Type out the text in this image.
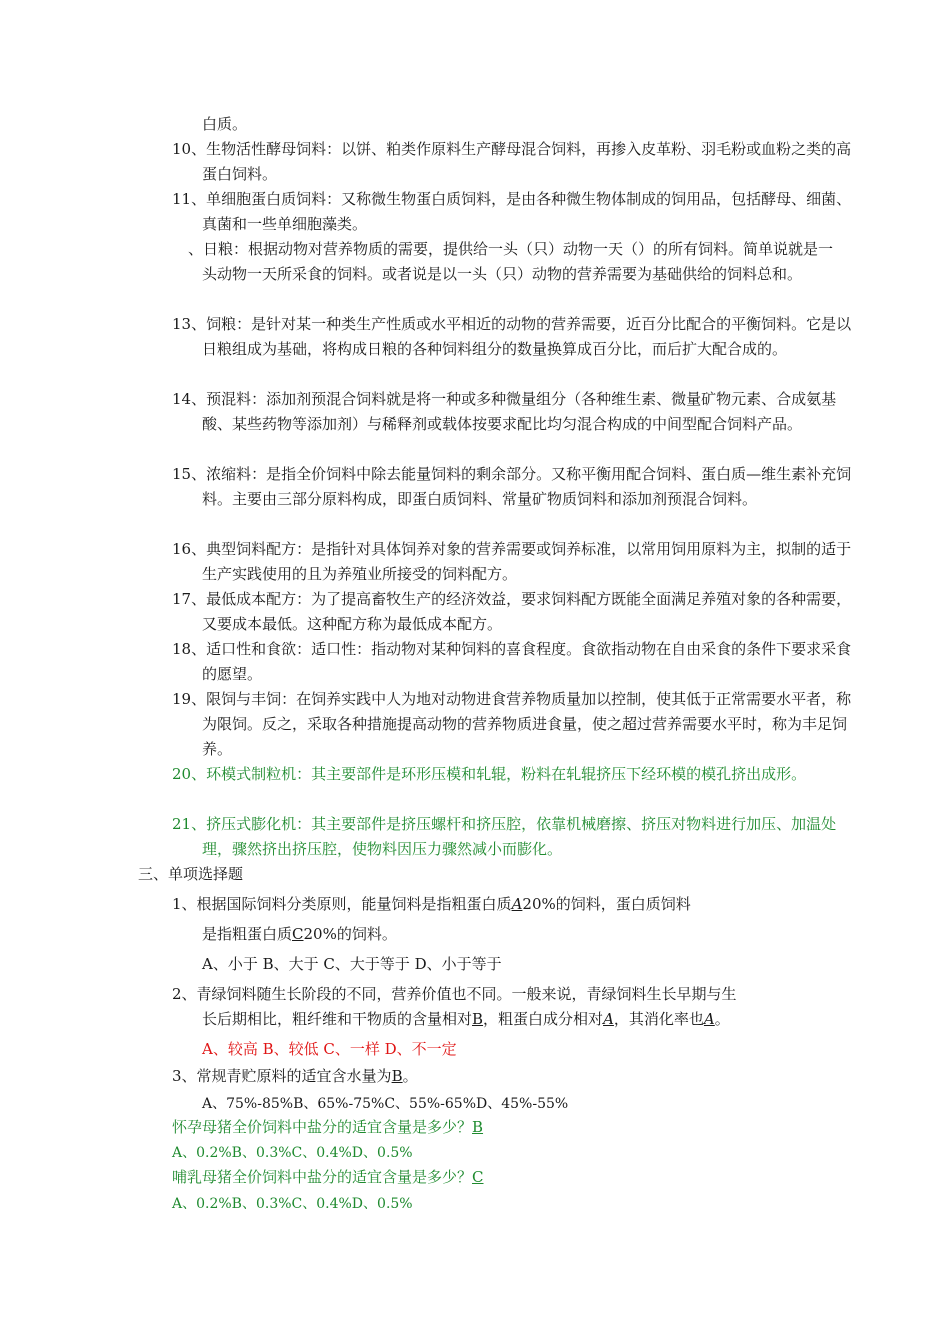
白质。

10、生物活性酵母饲料：以饼、粕类作原料生产酵母混合饲料，再掺入皮革粉、羽毛粉或血粉之类的高蛋白饲料。

11、单细胞蛋白质饲料：又称微生物蛋白质饲料，是由各种微生物体制成的饲用品，包括酵母、细菌、真菌和一些单细胞藻类。

、日粮：根据动物对营养物质的需要，提供给一头（只）动物一天（）的所有饲料。简单说就是一头动物一天所采食的饲料。或者说是以一头（只）动物的营养需要为基础供给的饲料总和。

13、饲粮：是针对某一种类生产性质或水平相近的动物的营养需要，近百分比配合的平衡饲料。它是以日粮组成为基础，将构成日粮的各种饲料组分的数量换算成百分比，而后扩大配合成的。

14、预混料：添加剂预混合饲料就是将一种或多种微量组分（各种维生素、微量矿物元素、合成氨基酸、某些药物等添加剂）与稀释剂或载体按要求配比均匀混合构成的中间型配合饲料产品。

15、浓缩料：是指全价饲料中除去能量饲料的剩余部分。又称平衡用配合饲料、蛋白质—维生素补充饲料。主要由三部分原料构成，即蛋白质饲料、常量矿物质饲料和添加剂预混合饲料。

16、典型饲料配方：是指针对具体饲养对象的营养需要或饲养标准，以常用饲用原料为主，拟制的适于生产实践使用的且为养殖业所接受的饲料配方。

17、最低成本配方：为了提高畜牧生产的经济效益，要求饲料配方既能全面满足养殖对象的各种需要，又要成本最低。这种配方称为最低成本配方。

18、适口性和食欲：适口性：指动物对某种饲料的喜食程度。食欲指动物在自由采食的条件下要求采食的愿望。

19、限饲与丰饲：在饲养实践中人为地对动物进食营养物质量加以控制，使其低于正常需要水平者，称为限饲。反之，采取各种措施提高动物的营养物质进食量，使之超过营养需要水平时，称为丰足饲养。

20、环模式制粒机：其主要部件是环形压模和轧辊，粉料在轧辊挤压下经环模的模孔挤出成形。

21、挤压式膨化机：其主要部件是挤压螺杆和挤压腔，依靠机械磨擦、挤压对物料进行加压、加温处理，骤然挤出挤压腔，使物料因压力骤然减小而膨化。

三、单项选择题

1、根据国际饲料分类原则，能量饲料是指粗蛋白质A20%的饲料，蛋白质饲料

是指粗蛋白质C20%的饲料。

A、小于 B、大于 C、大于等于 D、小于等于

2、青绿饲料随生长阶段的不同，营养价值也不同。一般来说，青绿饲料生长早期与生

长后期相比，粗纤维和干物质的含量相对B，粗蛋白成分相对A，其消化率也A。

A、较高 B、较低 C、一样 D、不一定

3、常规青贮原料的适宜含水量为B。

A、75%-85%B、65%-75%C、55%-65%D、45%-55%

怀孕母猪全价饲料中盐分的适宜含量是多少？B

A、0.2%B、0.3%C、0.4%D、0.5%

哺乳母猪全价饲料中盐分的适宜含量是多少？C

A、0.2%B、0.3%C、0.4%D、0.5%
